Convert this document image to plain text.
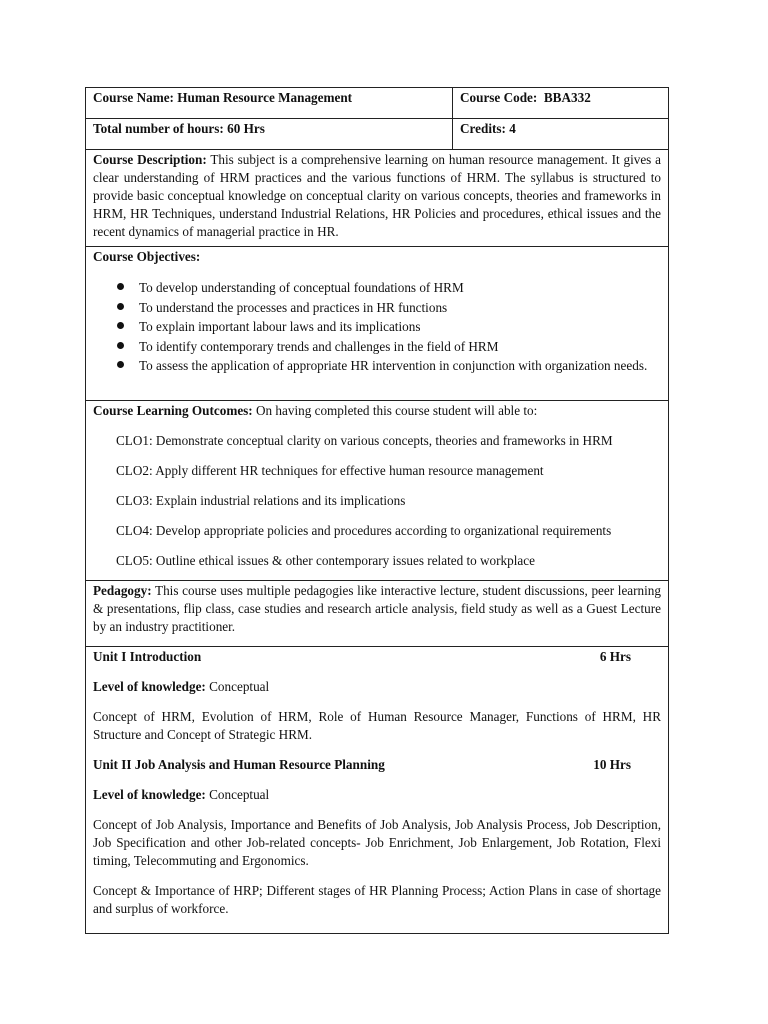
Course Name: Human Resource Management	Course Code: BBA332
Total number of hours: 60 Hrs	Credits: 4
Course Description: This subject is a comprehensive learning on human resource management. It gives a clear understanding of HRM practices and the various functions of HRM. The syllabus is structured to provide basic conceptual knowledge on conceptual clarity on various concepts, theories and frameworks in HRM, HR Techniques, understand Industrial Relations, HR Policies and procedures, ethical issues and the recent dynamics of managerial practice in HR.
Course Objectives:
To develop understanding of conceptual foundations of HRM
To understand the processes and practices in HR functions
To explain important labour laws and its implications
To identify contemporary trends and challenges in the field of HRM
To assess the application of appropriate HR intervention in conjunction with organization needs.
Course Learning Outcomes: On having completed this course student will able to:
CLO1: Demonstrate conceptual clarity on various concepts, theories and frameworks in HRM
CLO2: Apply different HR techniques for effective human resource management
CLO3: Explain industrial relations and its implications
CLO4: Develop appropriate policies and procedures according to organizational requirements
CLO5: Outline ethical issues & other contemporary issues related to workplace
Pedagogy: This course uses multiple pedagogies like interactive lecture, student discussions, peer learning & presentations, flip class, case studies and research article analysis, field study as well as a Guest Lecture by an industry practitioner.
Unit I Introduction	6 Hrs
Level of knowledge: Conceptual
Concept of HRM, Evolution of HRM, Role of Human Resource Manager, Functions of HRM, HR Structure and Concept of Strategic HRM.
Unit II Job Analysis and Human Resource Planning	10 Hrs
Level of knowledge: Conceptual
Concept of Job Analysis, Importance and Benefits of Job Analysis, Job Analysis Process, Job Description, Job Specification and other Job-related concepts- Job Enrichment, Job Enlargement, Job Rotation, Flexi timing, Telecommuting and Ergonomics.
Concept & Importance of HRP; Different stages of HR Planning Process; Action Plans in case of shortage and surplus of workforce.
